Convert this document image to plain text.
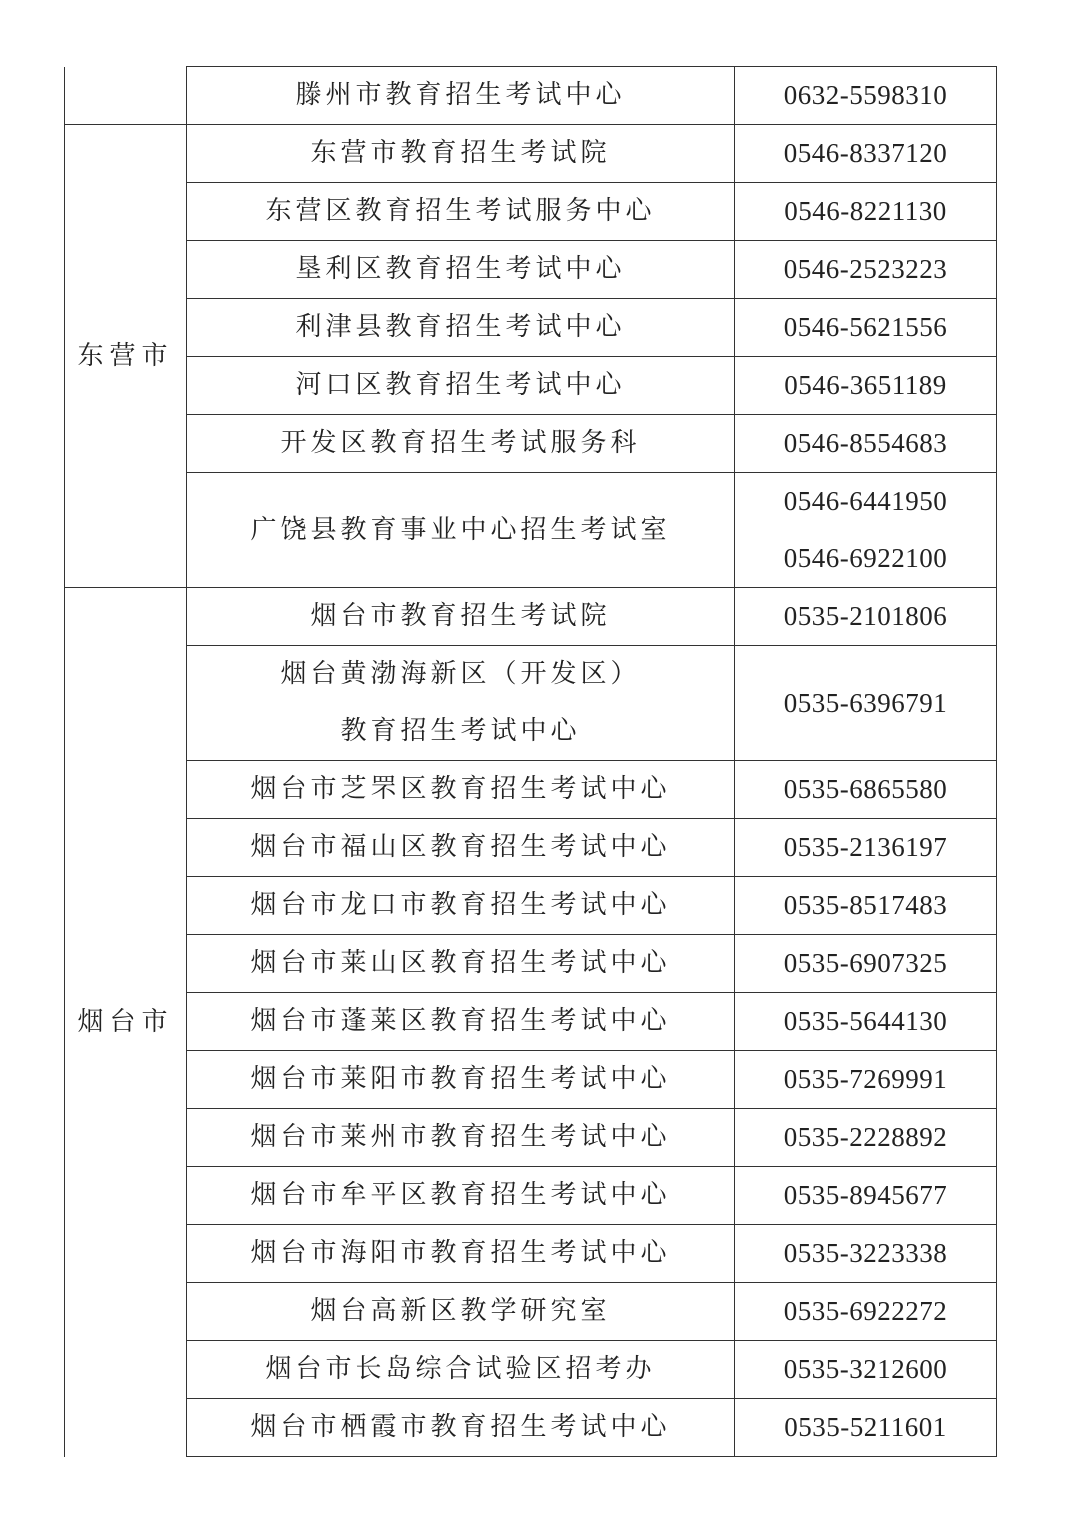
	滕州市教育招生考试中心	0632-5598310

东营市	东营市教育招生考试院	0546-8337120

	东营区教育招生考试服务中心	0546-8221130

	垦利区教育招生考试中心	0546-2523223

	利津县教育招生考试中心	0546-5621556

	河口区教育招生考试中心	0546-3651189

	开发区教育招生考试服务科	0546-8554683

	广饶县教育事业中心招生考试室	0546-6441950
0546-6922100

烟台市	烟台市教育招生考试院	0535-2101806

	烟台黄渤海新区（开发区）
教育招生考试中心	0535-6396791

	烟台市芝罘区教育招生考试中心	0535-6865580

	烟台市福山区教育招生考试中心	0535-2136197

	烟台市龙口市教育招生考试中心	0535-8517483

	烟台市莱山区教育招生考试中心	0535-6907325

	烟台市蓬莱区教育招生考试中心	0535-5644130

	烟台市莱阳市教育招生考试中心	0535-7269991

	烟台市莱州市教育招生考试中心	0535-2228892

	烟台市牟平区教育招生考试中心	0535-8945677

	烟台市海阳市教育招生考试中心	0535-3223338

	烟台高新区教学研究室	0535-6922272

	烟台市长岛综合试验区招考办	0535-3212600

	烟台市栖霞市教育招生考试中心	0535-5211601
